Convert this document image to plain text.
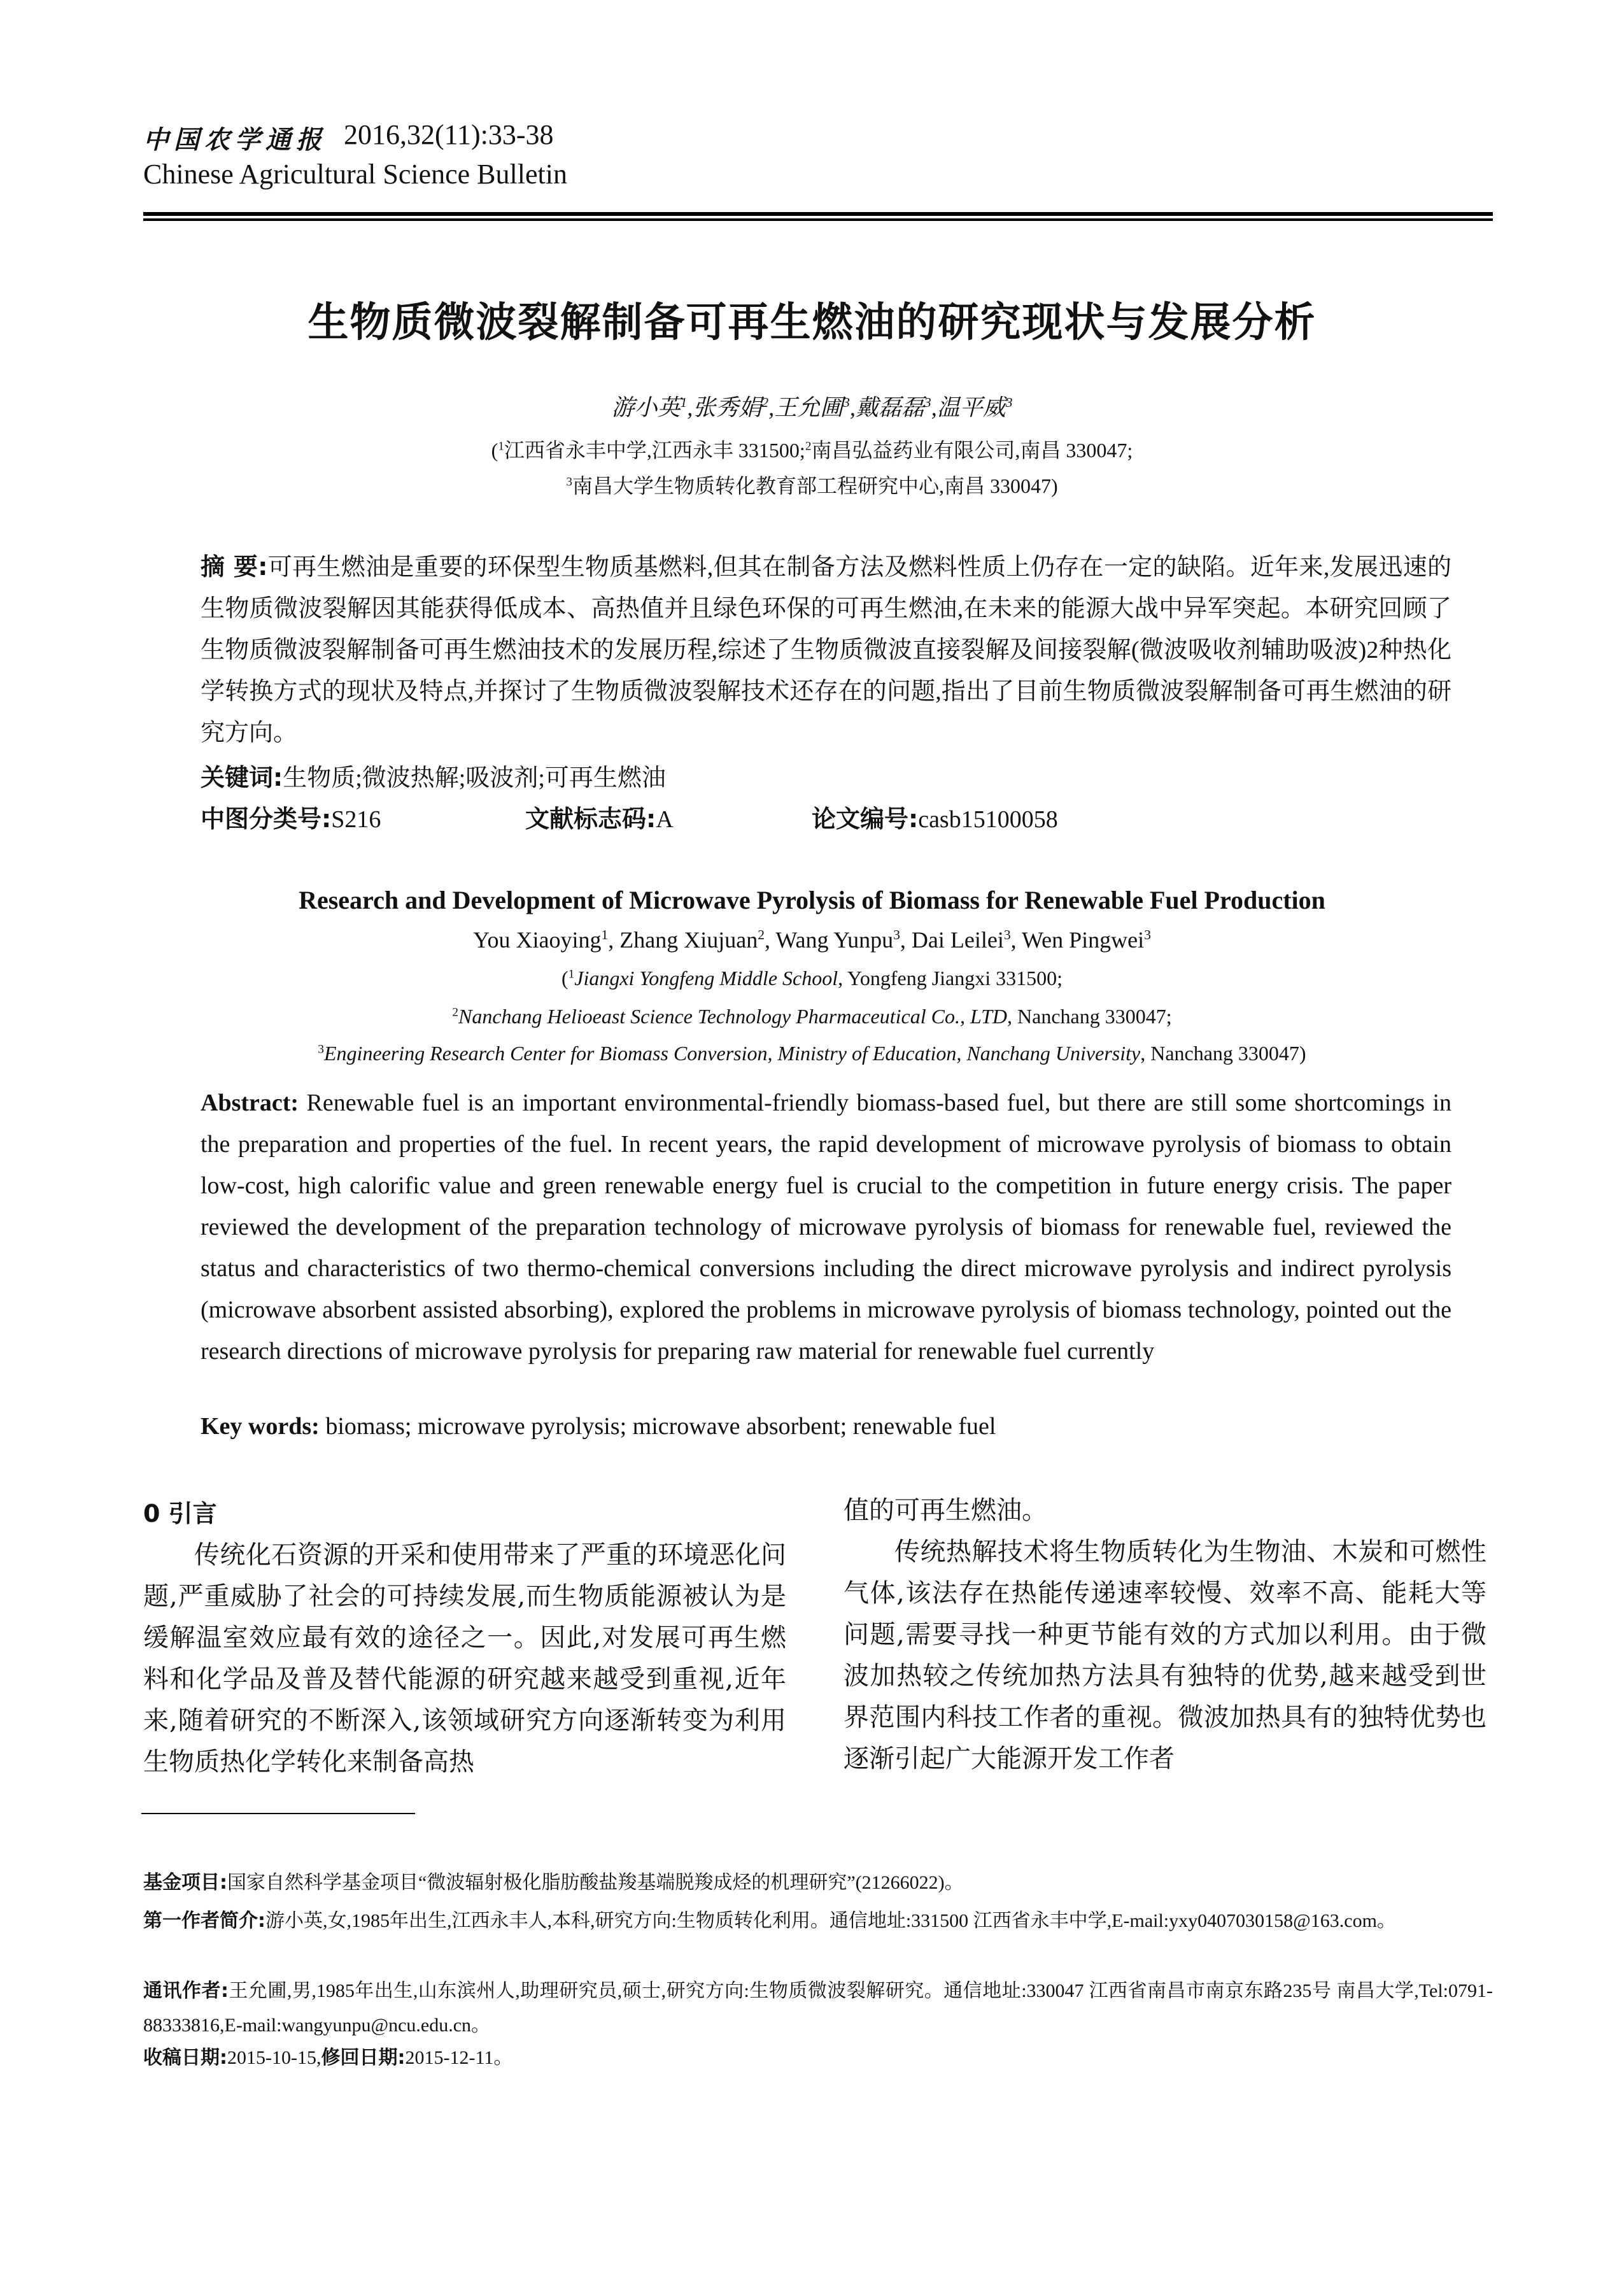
中国农学通报 2016,32(11):33-38
Chinese Agricultural Science Bulletin
生物质微波裂解制备可再生燃油的研究现状与发展分析
游小英$^1$,张秀娟$^2$,王允圃$^3$,戴磊磊$^3$,温平威$^3$
($^1$江西省永丰中学,江西永丰 331500;$^2$南昌弘益药业有限公司,南昌 330047;
$^3$南昌大学生物质转化教育部工程研究中心,南昌 330047)
摘 要:可再生燃油是重要的环保型生物质基燃料,但其在制备方法及燃料性质上仍存在一定的缺陷。近年来,发展迅速的生物质微波裂解因其能获得低成本、高热值并且绿色环保的可再生燃油,在未来的能源大战中异军突起。本研究回顾了生物质微波裂解制备可再生燃油技术的发展历程,综述了生物质微波直接裂解及间接裂解(微波吸收剂辅助吸波)2种热化学转换方式的现状及特点,并探讨了生物质微波裂解技术还存在的问题,指出了目前生物质微波裂解制备可再生燃油的研究方向。
关键词:生物质;微波热解;吸波剂;可再生燃油
中图分类号:S216	文献标志码:A	论文编号:casb15100058
Research and Development of Microwave Pyrolysis of Biomass for Renewable Fuel Production
You Xiaoying$^1$, Zhang Xiujuan$^2$, Wang Yunpu$^3$, Dai Leilei$^3$, Wen Pingwei$^3$
($^1$Jiangxi Yongfeng Middle School, Yongfeng Jiangxi 331500;
$^2$Nanchang Helioeast Science Technology Pharmaceutical Co., LTD, Nanchang 330047;
$^3$Engineering Research Center for Biomass Conversion, Ministry of Education, Nanchang University, Nanchang 330047)
Abstract: Renewable fuel is an important environmental-friendly biomass-based fuel, but there are still some shortcomings in the preparation and properties of the fuel. In recent years, the rapid development of microwave pyrolysis of biomass to obtain low-cost, high calorific value and green renewable energy fuel is crucial to the competition in future energy crisis. The paper reviewed the development of the preparation technology of microwave pyrolysis of biomass for renewable fuel, reviewed the status and characteristics of two thermo-chemical conversions including the direct microwave pyrolysis and indirect pyrolysis (microwave absorbent assisted absorbing), explored the problems in microwave pyrolysis of biomass technology, pointed out the research directions of microwave pyrolysis for preparing raw material for renewable fuel currently
Key words: biomass; microwave pyrolysis; microwave absorbent; renewable fuel
0 引言
传统化石资源的开采和使用带来了严重的环境恶化问题,严重威胁了社会的可持续发展,而生物质能源被认为是缓解温室效应最有效的途径之一。因此,对发展可再生燃料和化学品及普及替代能源的研究越来越受到重视,近年来,随着研究的不断深入,该领域研究方向逐渐转变为利用生物质热化学转化来制备高热
值的可再生燃油。
传统热解技术将生物质转化为生物油、木炭和可燃性气体,该法存在热能传递速率较慢、效率不高、能耗大等问题,需要寻找一种更节能有效的方式加以利用。由于微波加热较之传统加热方法具有独特的优势,越来越受到世界范围内科技工作者的重视。微波加热具有的独特优势也逐渐引起广大能源开发工作者
基金项目:国家自然科学基金项目“微波辐射极化脂肪酸盐羧基端脱羧成烃的机理研究”(21266022)。
第一作者简介:游小英,女,1985年出生,江西永丰人,本科,研究方向:生物质转化利用。通信地址:331500 江西省永丰中学,E-mail:yxy0407030158@163.com。
通讯作者:王允圃,男,1985年出生,山东滨州人,助理研究员,硕士,研究方向:生物质微波裂解研究。通信地址:330047 江西省南昌市南京东路235号 南昌大学,Tel:0791-88333816,E-mail:wangyunpu@ncu.edu.cn。
收稿日期:2015-10-15,修回日期:2015-12-11。
